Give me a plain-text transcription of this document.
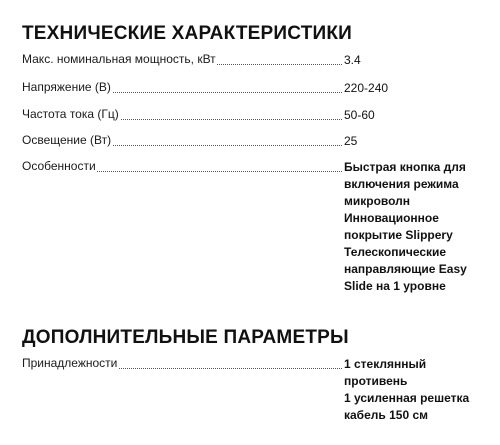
ТЕХНИЧЕСКИЕ ХАРАКТЕРИСТИКИ
Макс. номинальная мощность, кВт	3.4
Напряжение (В)	220-240
Частота тока (Гц)	50-60
Освещение (Вт)	25
Особенности	Быстрая кнопка для
включения режима
микроволн
Инновационное
покрытие Slippery
Телескопические
направляющие Easy
Slide на 1 уровне
ДОПОЛНИТЕЛЬНЫЕ ПАРАМЕТРЫ
Принадлежности	1 стеклянный
противень
1 усиленная решетка
кабель 150 см
